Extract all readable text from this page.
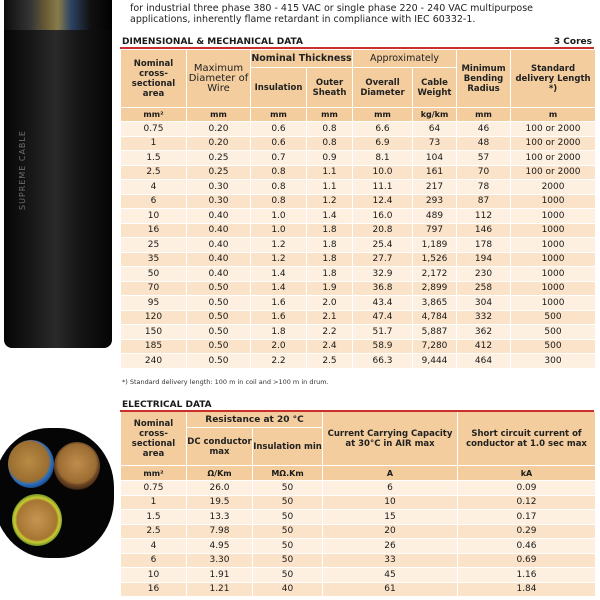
SUPREME CABLE
for industrial three phase 380 - 415 VAC or single phase 220 - 240 VAC multipurpose
applications, inherently flame retardant in compliance with IEC 60332-1.
DIMENSIONAL & MECHANICAL DATA	3 Cores
Nominal cross-sectional area	Maximum Diameter of Wire	Nominal Thickness		Approximately		Minimum Bending Radius	Standard delivery Length *)
		Insulation	Outer Sheath	Overall Diameter	Cable Weight		
mm²	mm	mm	mm	mm	kg/km	mm	m
0.75	0.20	0.6	0.8	6.6	64	46	100 or 2000
1	0.20	0.6	0.8	6.9	73	48	100 or 2000
1.5	0.25	0.7	0.9	8.1	104	57	100 or 2000
2.5	0.25	0.8	1.1	10.0	161	70	100 or 2000
4	0.30	0.8	1.1	11.1	217	78	2000
6	0.30	0.8	1.2	12.4	293	87	1000
10	0.40	1.0	1.4	16.0	489	112	1000
16	0.40	1.0	1.8	20.8	797	146	1000
25	0.40	1.2	1.8	25.4	1,189	178	1000
35	0.40	1.2	1.8	27.7	1,526	194	1000
50	0.40	1.4	1.8	32.9	2,172	230	1000
70	0.50	1.4	1.9	36.8	2,899	258	1000
95	0.50	1.6	2.0	43.4	3,865	304	1000
120	0.50	1.6	2.1	47.4	4,784	332	500
150	0.50	1.8	2.2	51.7	5,887	362	500
185	0.50	2.0	2.4	58.9	7,280	412	500
240	0.50	2.2	2.5	66.3	9,444	464	300
*) Standard delivery length: 100 m in coil and >100 m in drum.
ELECTRICAL DATA
Nominal cross-sectional area	Resistance at 20 °C		Current Carrying Capacity at 30°C in AIR max	Short circuit current of conductor at 1.0 sec max
	DC conductor max	Insulation min		
mm²	Ω/Km	MΩ.Km	A	kA
0.75	26.0	50	6	0.09
1	19.5	50	10	0.12
1.5	13.3	50	15	0.17
2.5	7.98	50	20	0.29
4	4.95	50	26	0.46
6	3.30	50	33	0.69
10	1.91	50	45	1.16
16	1.21	40	61	1.84
